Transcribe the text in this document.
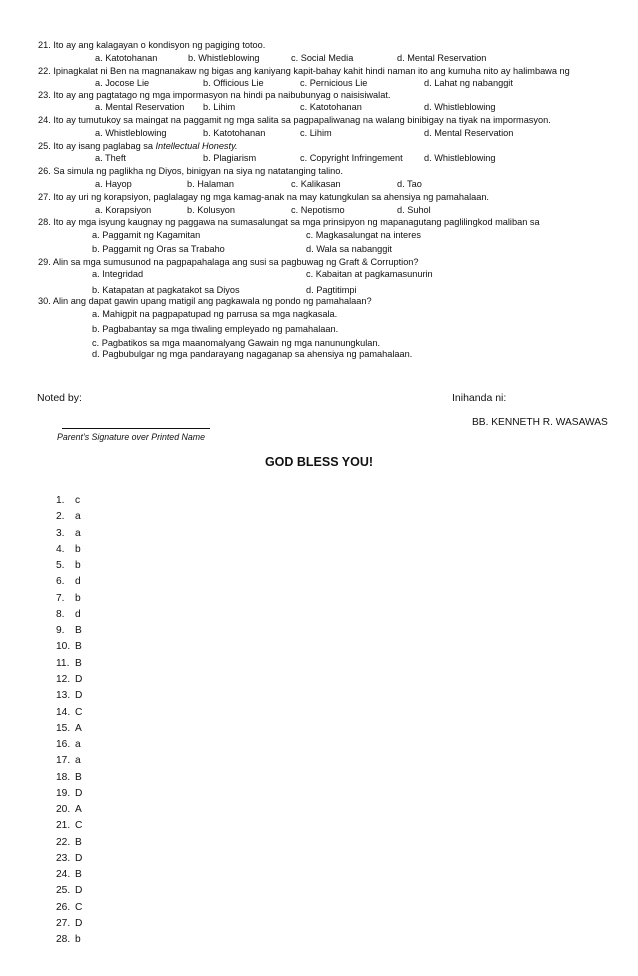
21. Ito ay ang kalagayan o kondisyon ng pagiging totoo.
a. Katotohanan	b. Whistleblowing	c. Social Media	d. Mental Reservation
22. Ipinagkalat ni Ben na magnanakaw ng bigas ang kaniyang kapit-bahay kahit hindi naman ito ang kumuha nito ay halimbawa ng
a. Jocose Lie	b. Officious Lie	c. Pernicious Lie	d. Lahat ng nabanggit
23. Ito ay ang pagtatago ng mga impormasyon na hindi pa naibubunyag o naisisiwalat.
a. Mental Reservation b. Lihim	c. Katotohanan	d. Whistleblowing
24. Ito ay tumutukoy sa maingat na paggamit ng mga salita sa pagpapaliwanag na walang binibigay na tiyak na impormasyon.
a. Whistleblowing	b. Katotohanan	c. Lihim	d. Mental Reservation
25. Ito ay isang paglabag sa Intellectual Honesty.
a. Theft	b. Plagiarism	c. Copyright Infringement d. Whistleblowing
26. Sa simula ng paglikha ng Diyos, binigyan na siya ng natatanging talino.
a. Hayop	b. Halaman	c. Kalikasan	d. Tao
27. Ito ay uri ng korapsiyon, paglalagay ng mga kamag-anak na may katungkulan sa ahensiya ng pamahalaan.
a. Korapsiyon	b. Kolusyon	c. Nepotismo	d. Suhol
28. Ito ay mga isyung kaugnay ng paggawa na sumasalungat sa mga prinsipyon ng mapanagutang paglilingkod maliban sa
a. Paggamit ng Kagamitan	c. Magkasalungat na interes
b. Paggamit ng Oras sa Trabaho	d. Wala sa nabanggit
29. Alin sa mga sumusunod na pagpapahalaga ang susi sa pagbuwag ng Graft & Corruption?
a. Integridad	c. Kabaitan at pagkamasunurin
b. Katapatan at pagkatakot sa Diyos	d. Pagtitimpi
30. Alin ang dapat gawin upang matigil ang pagkawala ng pondo ng pamahalaan?
a. Mahigpit na pagpapatupad ng parrusa sa mga nagkasala.
b. Pagbabantay sa mga tiwaling empleyado ng pamahalaan.
c. Pagbatikos sa mga maanomalyang Gawain ng mga nanunungkulan.
d. Pagbubulgar ng mga pandarayang nagaganap sa ahensiya ng pamahalaan.
Noted by:	Inihanda ni:
Parent’s Signature over Printed Name
BB. KENNETH R. WASAWAS
GOD BLESS YOU!
1. c
2. a
3. a
4. b
5. b
6. d
7. b
8. d
9. B
10. B
11. B
12. D
13. D
14. C
15. A
16. a
17. a
18. B
19. D
20. A
21. C
22. B
23. D
24. B
25. D
26. C
27. D
28. b
